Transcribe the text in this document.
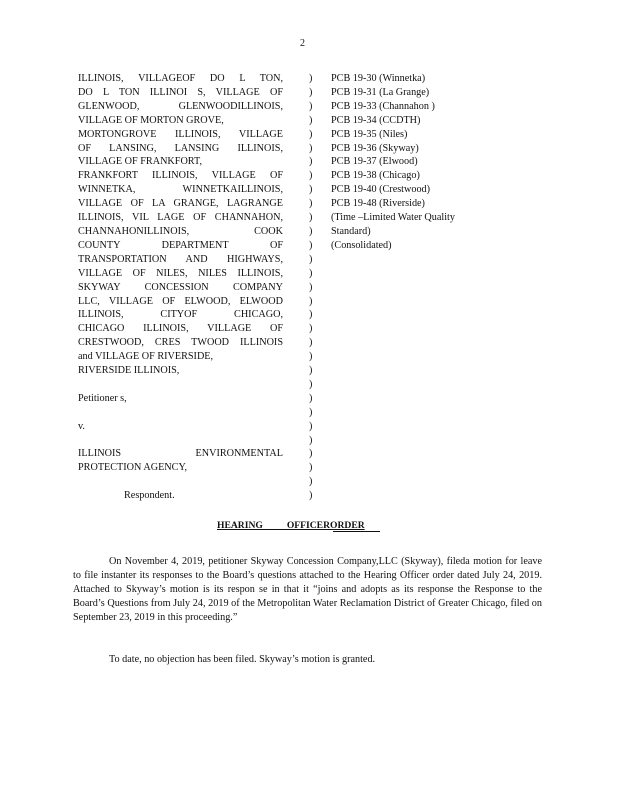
2
ILLINOIS, VILLAGEOF DO L TON,
DO L TON ILLINOI S, VILLAGE OF
GLENWOOD, GLENWOODILLINOIS,
VILLAGE OF MORTON GROVE,
MORTONGROVE ILLINOIS, VILLAGE
OF LANSING, LANSING ILLINOIS,
VILLAGE OF FRANKFORT,
FRANKFORT ILLINOIS, VILLAGE OF
WINNETKA, WINNETKAILLINOIS,
VILLAGE OF LA GRANGE, LAGRANGE
ILLINOIS, VIL LAGE OF CHANNAHON,
CHANNAHONILLINOIS, COOK
COUNTY DEPARTMENT OF
TRANSPORTATION AND HIGHWAYS,
VILLAGE OF NILES, NILES ILLINOIS,
SKYWAY CONCESSION COMPANY
LLC, VILLAGE OF ELWOOD, ELWOOD
ILLINOIS, CITYOF CHICAGO,
CHICAGO ILLINOIS, VILLAGE OF
CRESTWOOD, CRES TWOOD ILLINOIS
and VILLAGE OF RIVERSIDE,
RIVERSIDE ILLINOIS,
Petitioner s,
v.
ILLINOIS ENVIRONMENTAL
PROTECTION AGENCY,
Respondent.
)
)
)
)
)
)
)
)
)
)
)
)
)
)
)
)
)
)
)
)
)
)
)
)
)
)
)
)
)
)
)
PCB 19-30 (Winnetka)
PCB 19-31 (La Grange)
PCB 19-33 (Channahon )
PCB 19-34 (CCDTH)
PCB 19-35 (Niles)
PCB 19-36 (Skyway)
PCB 19-37 (Elwood)
PCB 19-38 (Chicago)
PCB 19-40 (Crestwood)
PCB 19-48 (Riverside)
(Time –Limited Water Quality
Standard)
(Consolidated)
HEARING          OFFICERORDER

On November 4, 2019, petitioner Skyway Concession Company,LLC (Skyway), fileda motion for leave to file instanter its responses to the Board’s questions attached to the Hearing Officer order dated July 24, 2019. Attached to Skyway’s motion is its respon se in that it “joins and adopts as its response the Response to the Board’s Questions from July 24, 2019 of the Metropolitan Water Reclamation District of Greater Chicago, filed on September 23, 2019 in this proceeding.”

To date, no objection has been filed. Skyway’s motion is granted.
